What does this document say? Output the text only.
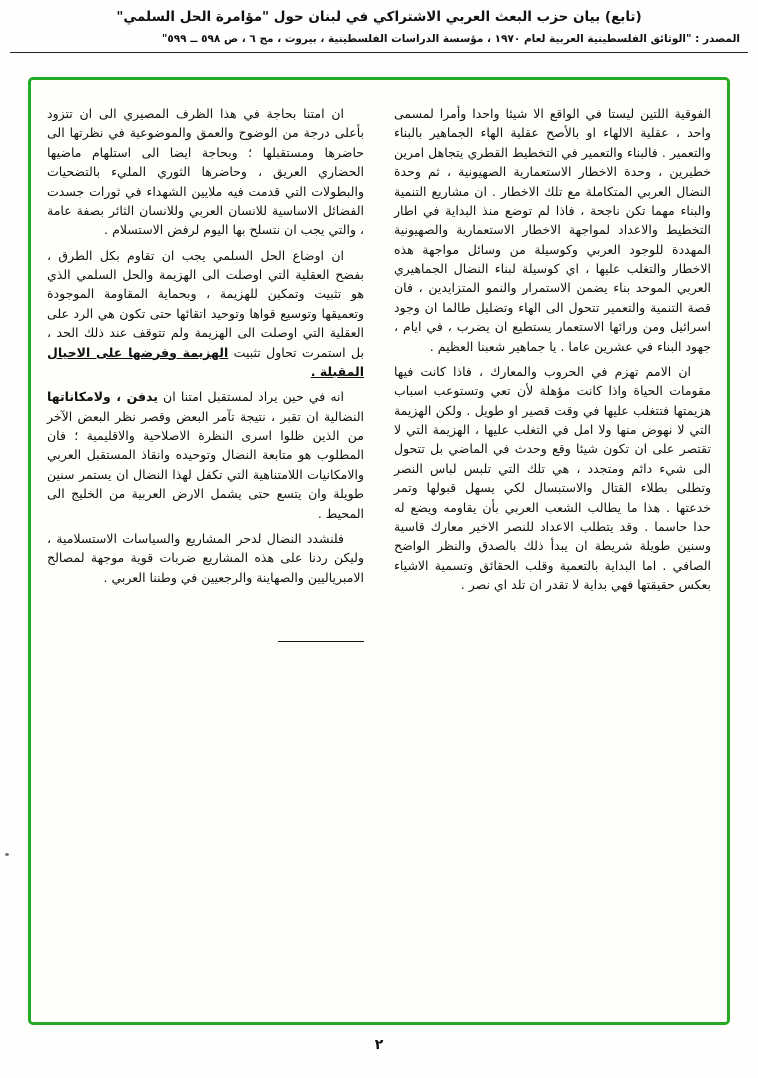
(تابع) بيان حزب البعث العربي الاشتراكي في لبنان حول "مؤامرة الحل السلمي"
المصدر : "الوثائق الفلسطينية العربية لعام ١٩٧٠ ، مؤسسة الدراسات الفلسطينية ، بيروت ، مج ٦ ، ص ٥٩٨ ــ ٥٩٩"

الفوقية اللتين ليستا في الواقع الا شيئا واحدا وأمرا لمسمى واحد ، عقلية الالهاء او بالأصح عقلية الهاء الجماهير بالبناء والتعمير . فالبناء والتعمير في التخطيط القطري يتجاهل امرين خطيرين ، وحدة الاخطار الاستعمارية الصهيونية ، ثم وحدة النضال العربي المتكاملة مع تلك الاخطار . ان مشاريع التنمية والبناء مهما تكن ناجحة ، فاذا لم توضع منذ البداية في اطار التخطيط والاعداد لمواجهة الاخطار الاستعمارية والصهيونية المهددة للوجود العربي وكوسيلة من وسائل مواجهة هذه الاخطار والتغلب عليها ، اي كوسيلة لبناء النضال الجماهيري العربي الموحد بناء يضمن الاستمرار والنمو المتزايدين ، فان قصة التنمية والتعمير تتحول الى الهاء وتضليل طالما ان وجود اسرائيل ومن ورائها الاستعمار يستطيع ان يضرب ، في ايام ، جهود البناء في عشرين عاما . يا جماهير شعبنا العظيم .

ان الامم تهزم في الحروب والمعارك ، فاذا كانت فيها مقومات الحياة واذا كانت مؤهلة لأن تعي وتستوعب اسباب هزيمتها فتتغلب عليها في وقت قصير او طويل . ولكن الهزيمة التي لا نهوض منها ولا امل في التغلب عليها ، الهزيمة التي لا تقتصر على ان تكون شيئا وقع وحدث في الماضي بل تتحول الى شيء دائم ومتجدد ، هي تلك التي تلبس لباس النصر وتطلى بطلاء القتال والاستبسال لكي يسهل قبولها وتمر خدعتها . هذا ما يطالب الشعب العربي بأن يقاومه ويضع له حدا حاسما . وقد يتطلب الاعداد للنصر الاخير معارك قاسية وسنين طويلة شريطة ان يبدأ ذلك بالصدق والنظر الواضح الصافي . اما البداية بالتعمية وقلب الحقائق وتسمية الاشياء بعكس حقيقتها فهي بداية لا تقدر ان تلد اي نصر .

ان امتنا بحاجة في هذا الظرف المصيري الى ان تتزود بأعلى درجة من الوضوح والعمق والموضوعية في نظرتها الى حاضرها ومستقبلها ؛ وبحاجة ايضا الى استلهام ماضيها الحضاري العريق ، وحاضرها الثوري المليء بالتضحيات والبطولات التي قدمت فيه ملايين الشهداء في ثورات جسدت الفضائل الاساسية للانسان العربي وللانسان الثائر بصفة عامة ، والتي يجب ان نتسلح بها اليوم لرفض الاستسلام .

ان اوضاع الحل السلمي يجب ان تقاوم بكل الطرق ، بفضح العقلية التي اوصلت الى الهزيمة والحل السلمي الذي هو تثبيت وتمكين للهزيمة ، وبحماية المقاومة الموجودة وتعميقها وتوسيع قواها وتوحيد اتقائها حتى تكون هي الرد على العقلية التي اوصلت الى الهزيمة ولم تتوقف عند ذلك الحد ، بل استمرت تحاول تثبيت الهزيمة وفرضها على الاجيال المقبلة .

انه في حين يراد لمستقبل امتنا ان يدفن ، ولامكاناتها النضالية ان تقبر ، نتيجة تآمر البعض وقصر نظر البعض الآخر من الذين ظلوا اسرى النظرة الاصلاحية والاقليمية ؛ فان المطلوب هو متابعة النضال وتوحيده وانقاذ المستقبل العربي والامكانيات اللامتناهية التي تكفل لهذا النضال ان يستمر سنين طويلة وان يتسع حتى يشمل الارض العربية من الخليج الى المحيط .

فلنشدد النضال لدحر المشاريع والسياسات الاستسلامية ، وليكن ردنا على هذه المشاريع ضربات قوية موجهة لمصالح الامبرياليين والصهاينة والرجعيين في وطننا العربي .

٢
